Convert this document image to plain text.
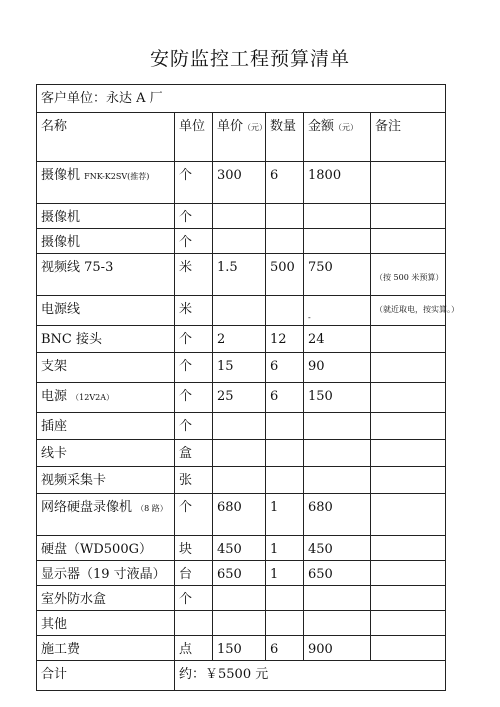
安防监控工程预算清单
客户单位：永达 A 厂					
名称	单位	单价（元）	数量	金额（元）	备注
摄像机 FNK-K2SV(推荐)	个	300	6	1800	
摄像机	个				
摄像机	个				
视频线 75-3	米	1.5	500	750	（按 500 米预算）
电源线	米			-	（就近取电，按实算。）
BNC 接头	个	2	12	24	
支架	个	15	6	90	
电源 （12V2A）	个	25	6	150	
插座	个				
线卡	盒				
视频采集卡	张				
网络硬盘录像机 （8 路）	个	680	1	680	
硬盘（WD500G）	块	450	1	450	
显示器（19 寸液晶）	台	650	1	650	
室外防水盒	个				
其他					
施工费	点	150	6	900	
合计	约：￥5500 元				
